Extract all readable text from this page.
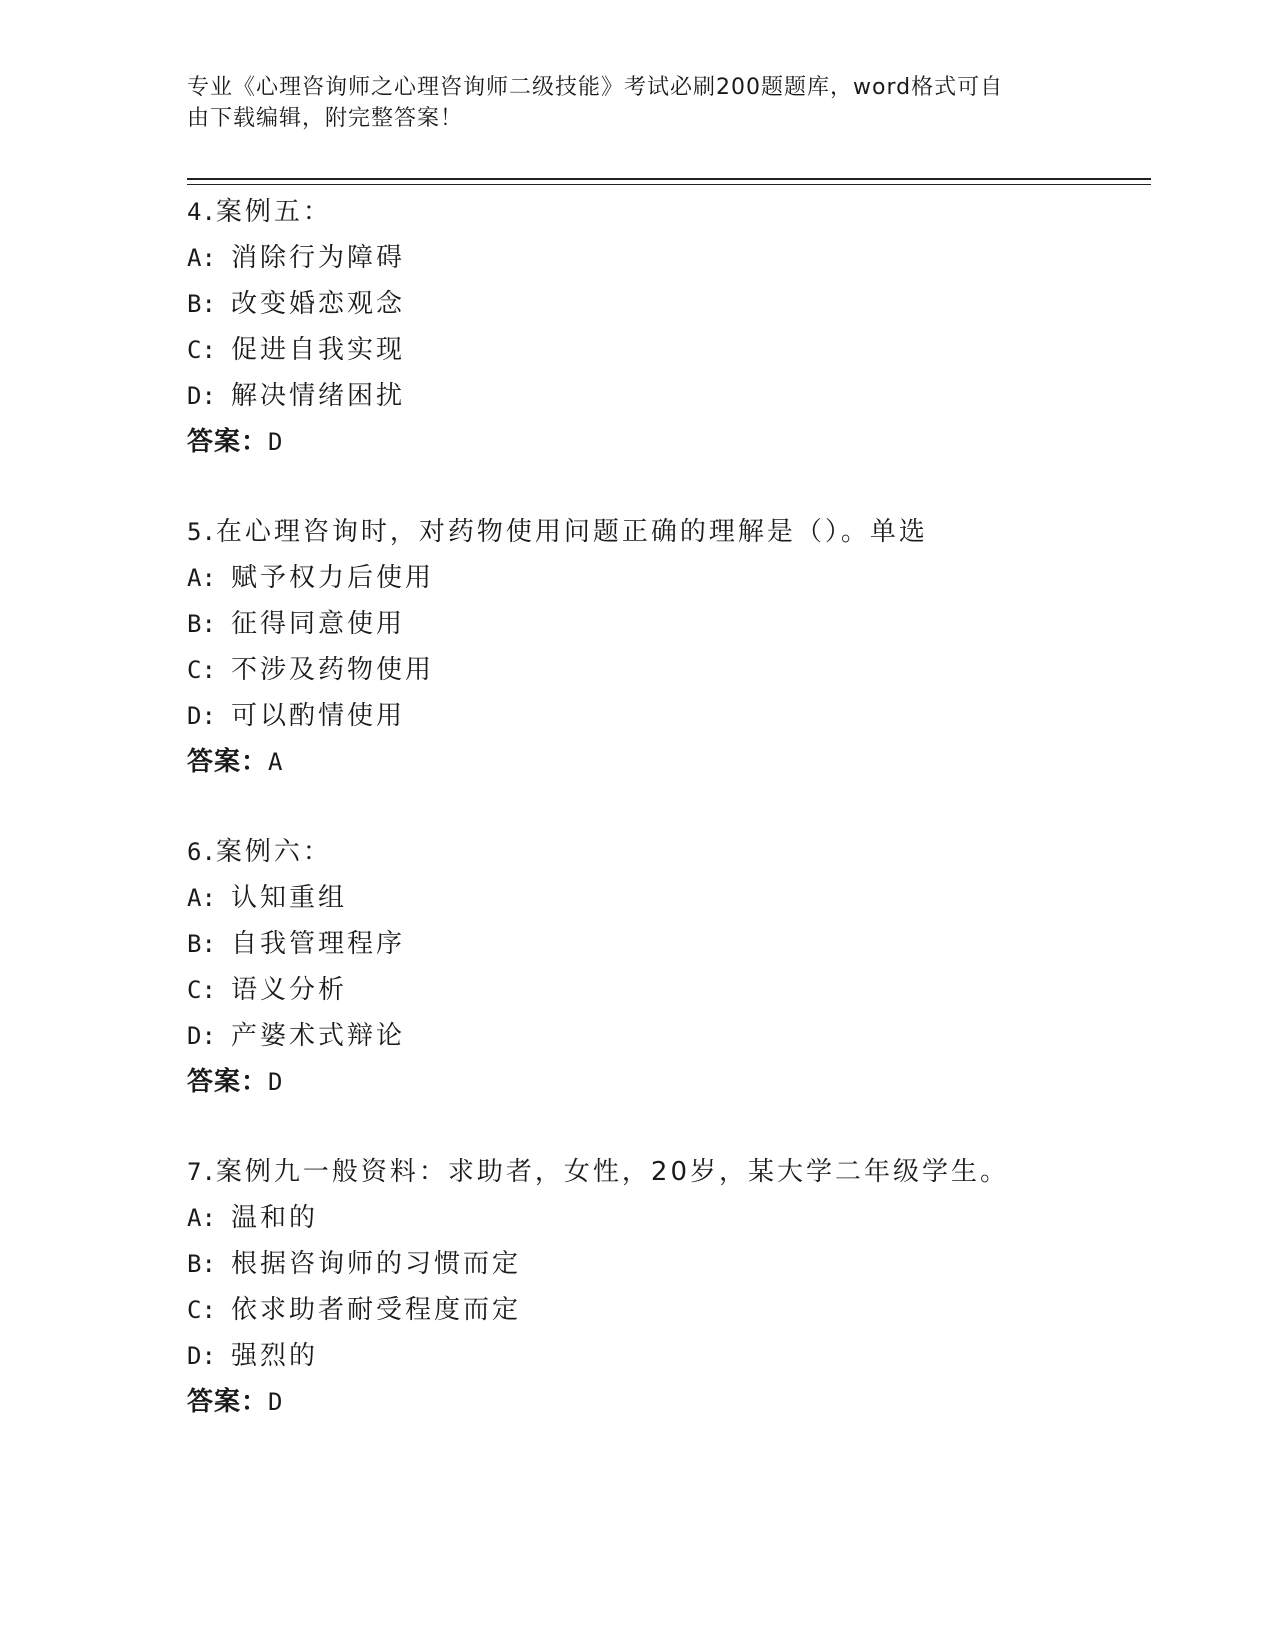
专业《心理咨询师之心理咨询师二级技能》考试必刷200题题库，word格式可自
由下载编辑，附完整答案！
4.案例五：
A: 消除行为障碍
B: 改变婚恋观念
C: 促进自我实现
D: 解决情绪困扰
答案：D
5.在心理咨询时，对药物使用问题正确的理解是（）。单选
A: 赋予权力后使用
B: 征得同意使用
C: 不涉及药物使用
D: 可以酌情使用
答案：A
6.案例六：
A: 认知重组
B: 自我管理程序
C: 语义分析
D: 产婆术式辩论
答案：D
7.案例九一般资料：求助者，女性，20岁，某大学二年级学生。
A: 温和的
B: 根据咨询师的习惯而定
C: 依求助者耐受程度而定
D: 强烈的
答案：D
